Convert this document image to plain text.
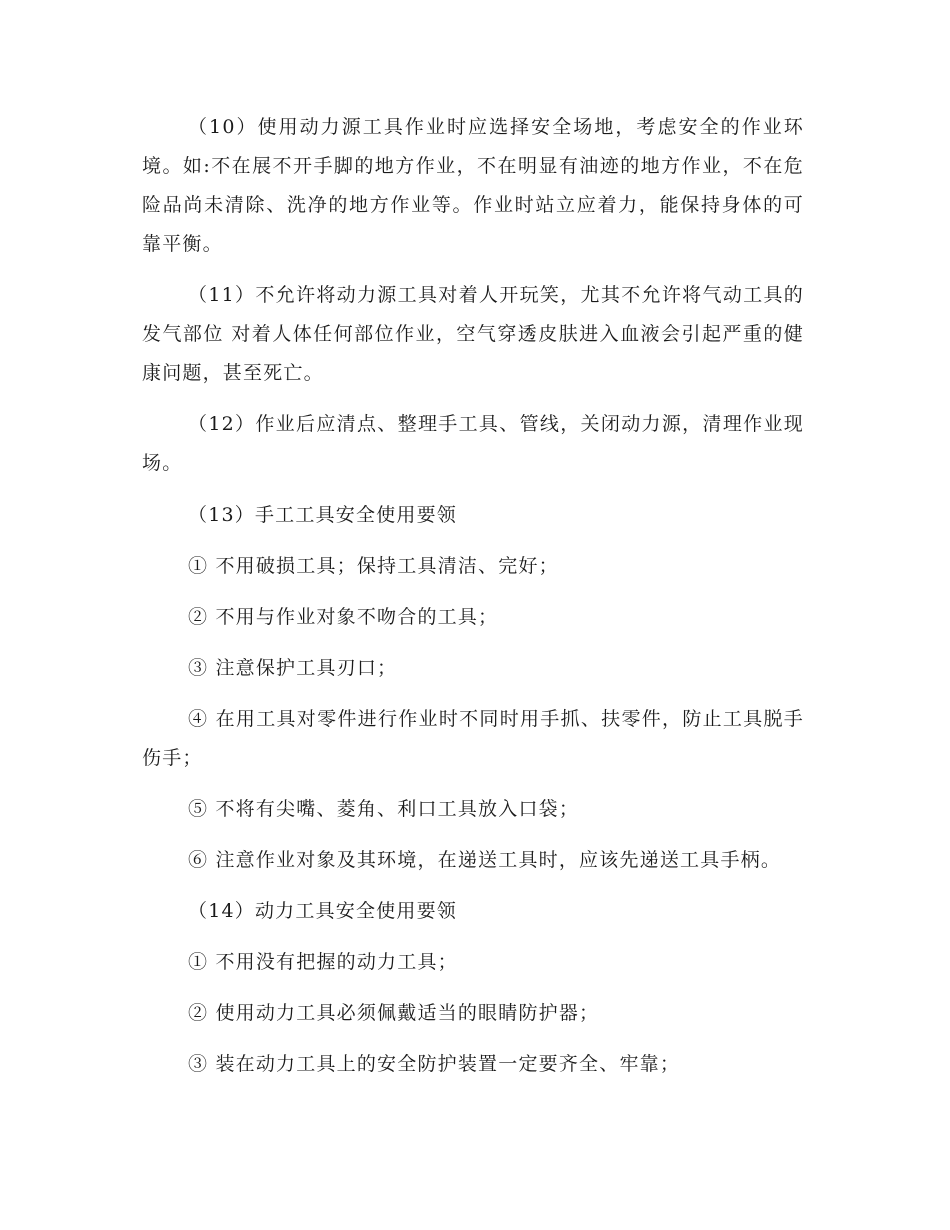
（10）使用动力源工具作业时应选择安全场地，考虑安全的作业环境。如:不在展不开手脚的地方作业，不在明显有油迹的地方作业，不在危险品尚未清除、洗净的地方作业等。作业时站立应着力，能保持身体的可靠平衡。

（11）不允许将动力源工具对着人开玩笑，尤其不允许将气动工具的发气部位 对着人体任何部位作业，空气穿透皮肤进入血液会引起严重的健康问题，甚至死亡。

（12）作业后应清点、整理手工具、管线，关闭动力源，清理作业现场。

（13）手工工具安全使用要领

① 不用破损工具；保持工具清洁、完好；

② 不用与作业对象不吻合的工具；

③ 注意保护工具刃口；

④ 在用工具对零件进行作业时不同时用手抓、扶零件，防止工具脱手伤手；

⑤ 不将有尖嘴、菱角、利口工具放入口袋；

⑥ 注意作业对象及其环境，在递送工具时，应该先递送工具手柄。

（14）动力工具安全使用要领

① 不用没有把握的动力工具；

② 使用动力工具必须佩戴适当的眼睛防护器；

③ 装在动力工具上的安全防护装置一定要齐全、牢靠；
